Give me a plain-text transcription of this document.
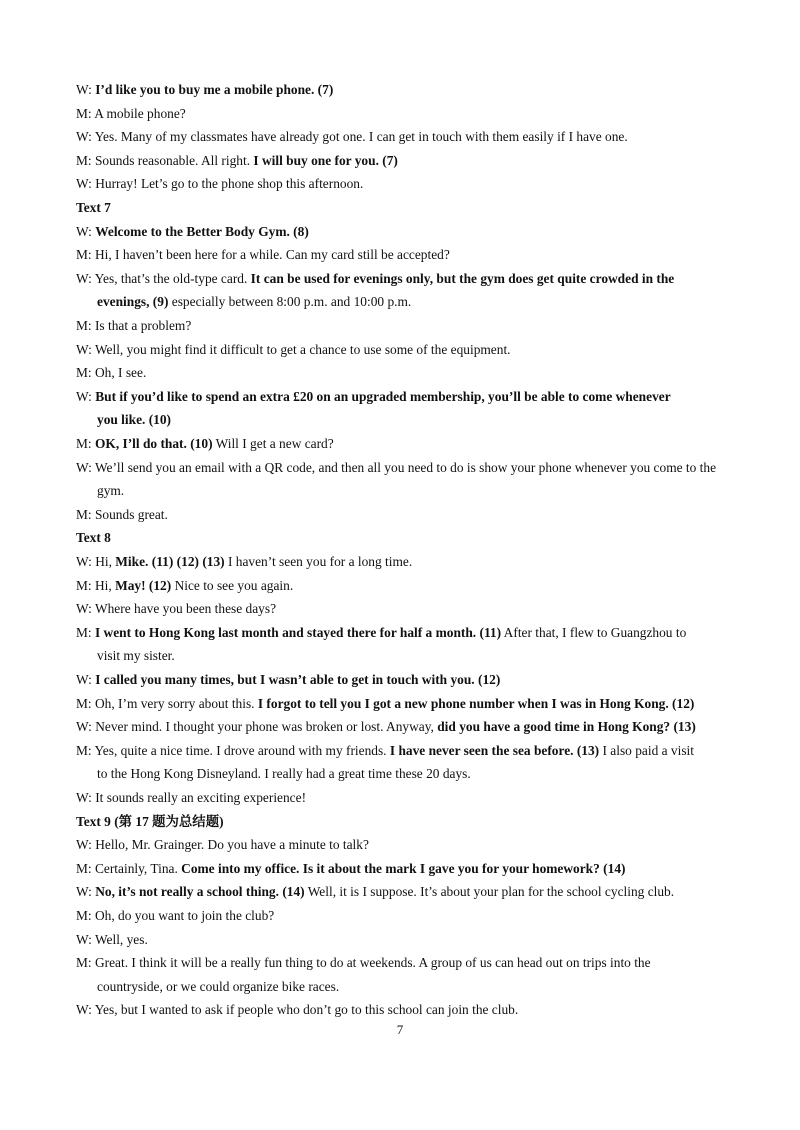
W: I’d like you to buy me a mobile phone. (7)
M: A mobile phone?
W: Yes. Many of my classmates have already got one. I can get in touch with them easily if I have one.
M: Sounds reasonable. All right. I will buy one for you. (7)
W: Hurray! Let’s go to the phone shop this afternoon.
Text 7
W: Welcome to the Better Body Gym. (8)
M: Hi, I haven’t been here for a while. Can my card still be accepted?
W: Yes, that’s the old-type card. It can be used for evenings only, but the gym does get quite crowded in the
evenings, (9) especially between 8:00 p.m. and 10:00 p.m.
M: Is that a problem?
W: Well, you might find it difficult to get a chance to use some of the equipment.
M: Oh, I see.
W: But if you’d like to spend an extra £20 on an upgraded membership, you’ll be able to come whenever
you like. (10)
M: OK, I’ll do that. (10) Will I get a new card?
W: We’ll send you an email with a QR code, and then all you need to do is show your phone whenever you come to the
gym.
M: Sounds great.
Text 8
W: Hi, Mike. (11) (12) (13) I haven’t seen you for a long time.
M: Hi, May! (12) Nice to see you again.
W: Where have you been these days?
M: I went to Hong Kong last month and stayed there for half a month. (11) After that, I flew to Guangzhou to
visit my sister.
W: I called you many times, but I wasn’t able to get in touch with you. (12)
M: Oh, I’m very sorry about this. I forgot to tell you I got a new phone number when I was in Hong Kong. (12)
W: Never mind. I thought your phone was broken or lost. Anyway, did you have a good time in Hong Kong? (13)
M: Yes, quite a nice time. I drove around with my friends. I have never seen the sea before. (13) I also paid a visit
to the Hong Kong Disneyland. I really had a great time these 20 days.
W: It sounds really an exciting experience!
Text 9 (第 17 题为总结题)
W: Hello, Mr. Grainger. Do you have a minute to talk?
M: Certainly, Tina. Come into my office. Is it about the mark I gave you for your homework? (14)
W: No, it’s not really a school thing. (14) Well, it is I suppose. It’s about your plan for the school cycling club.
M: Oh, do you want to join the club?
W: Well, yes.
M: Great. I think it will be a really fun thing to do at weekends. A group of us can head out on trips into the
countryside, or we could organize bike races.
W: Yes, but I wanted to ask if people who don’t go to this school can join the club.
7
